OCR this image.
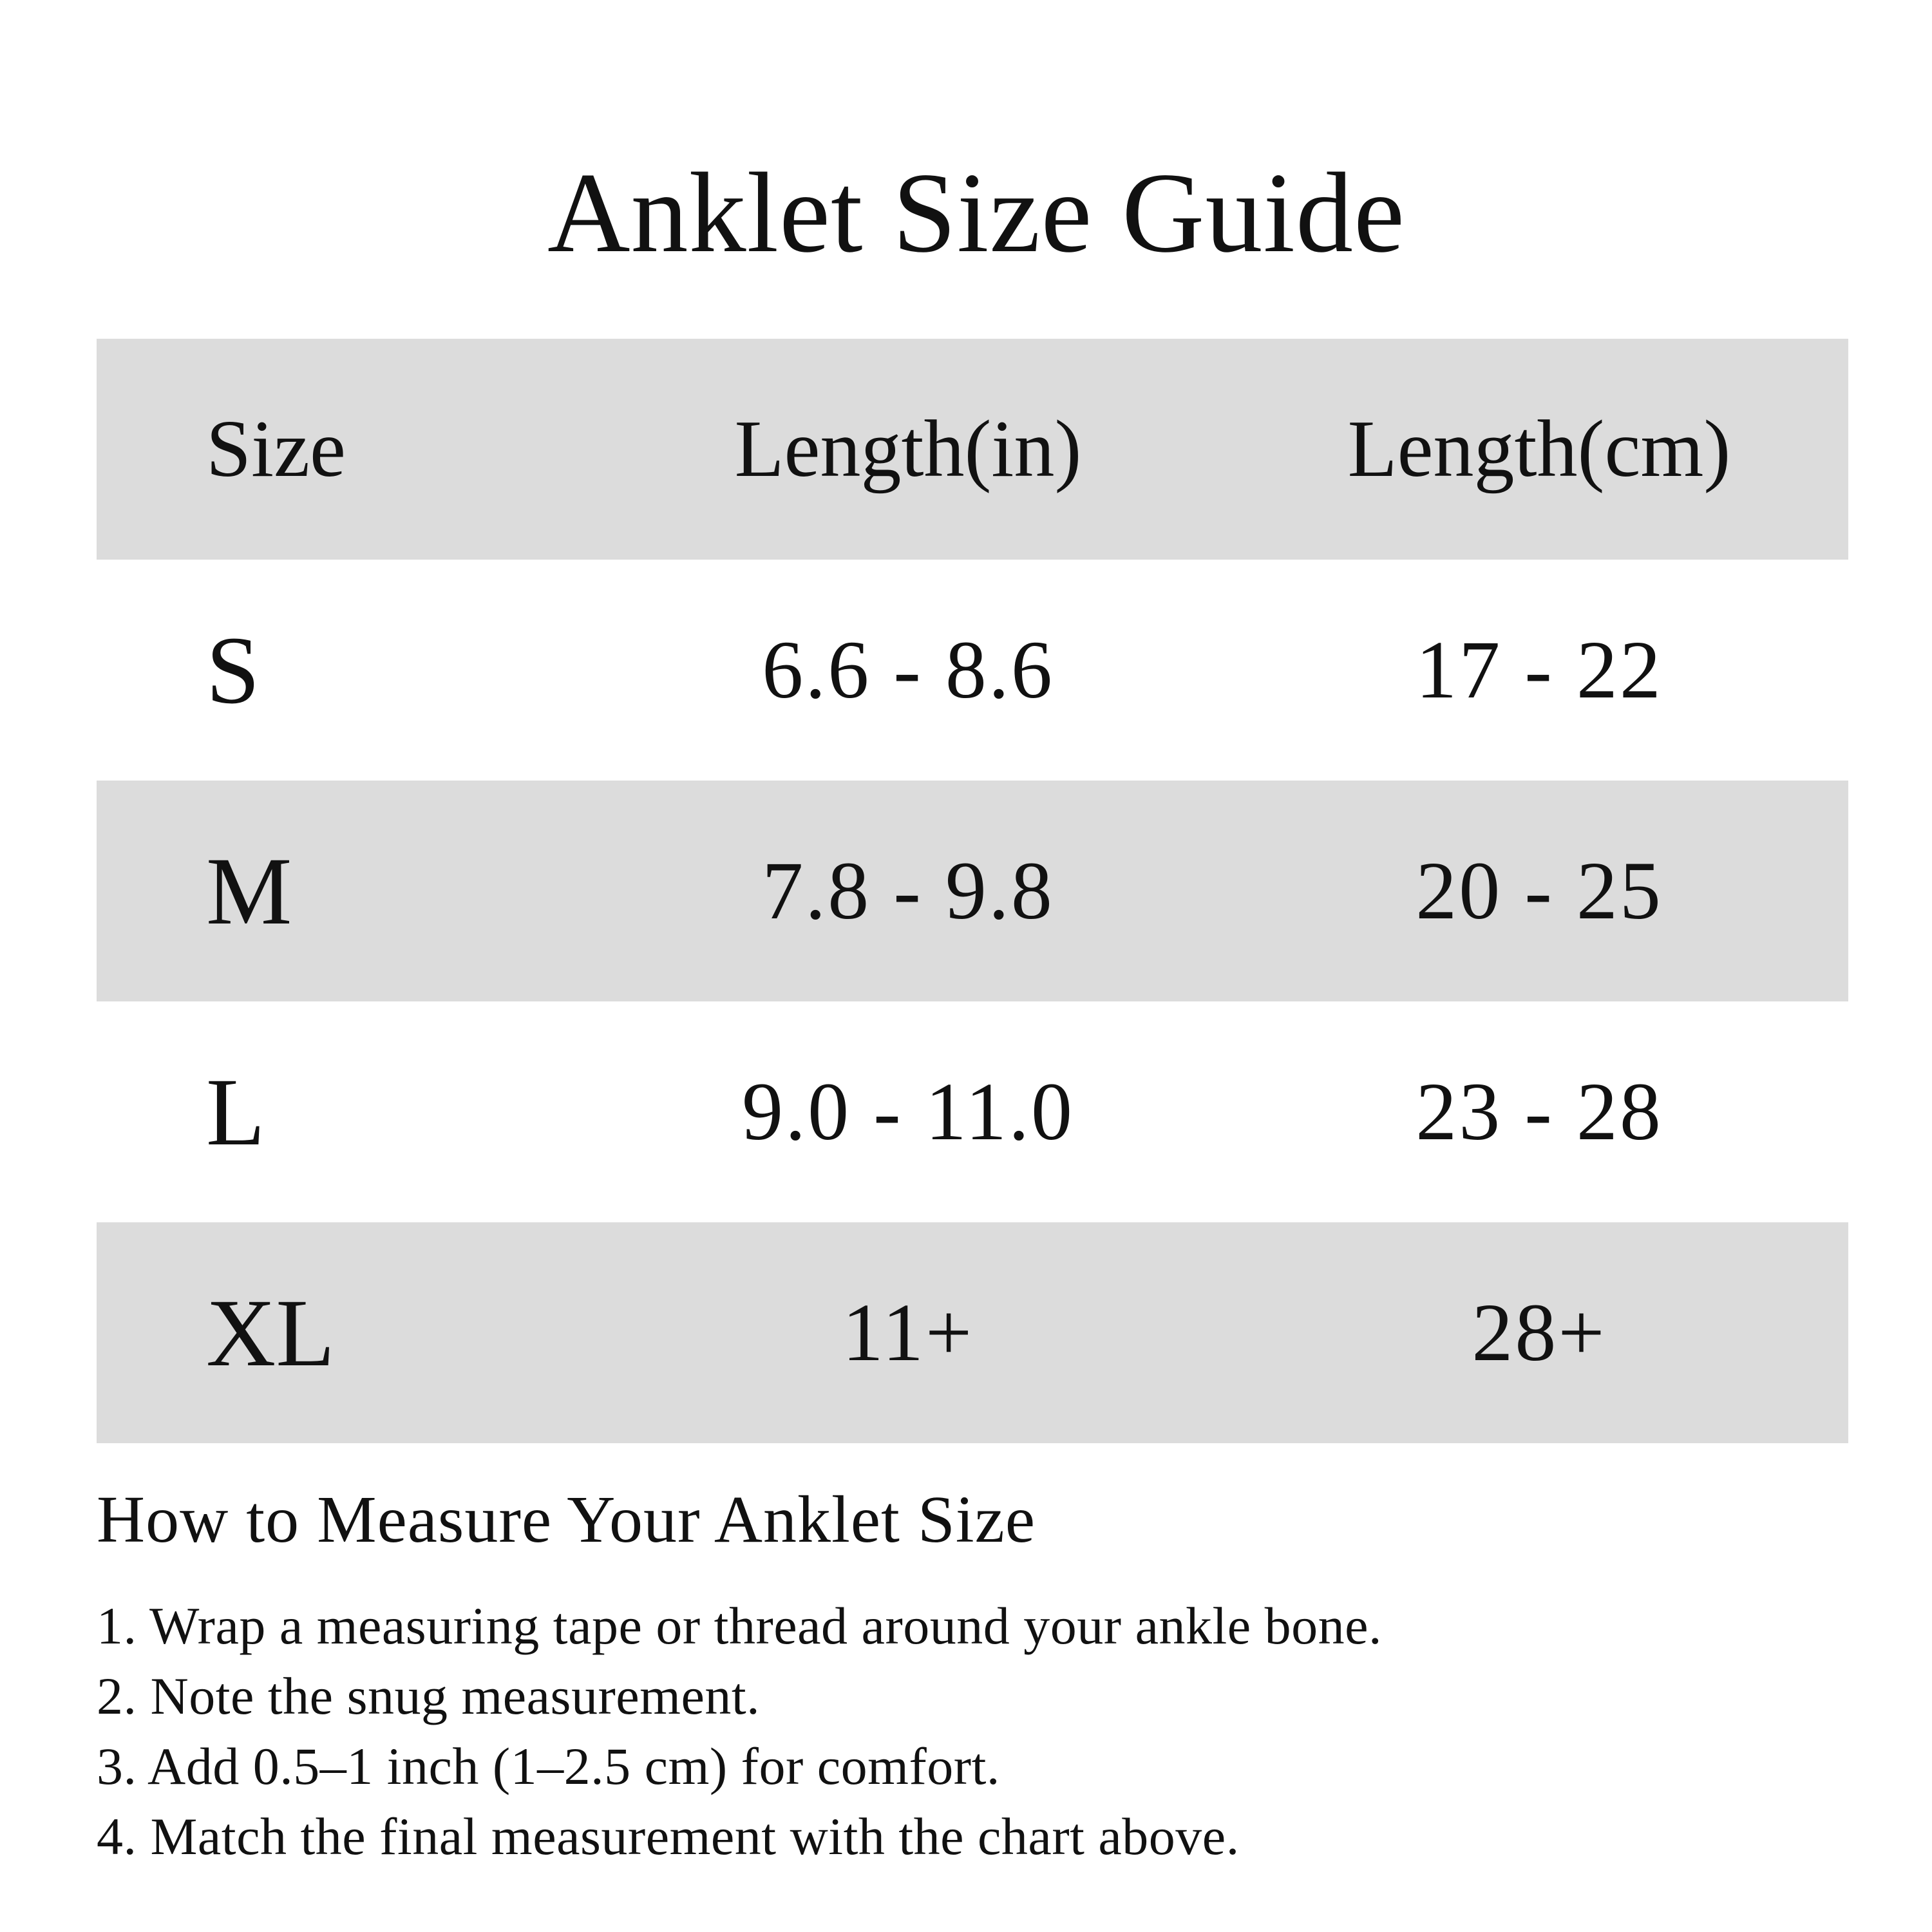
Anklet Size Guide
Size	Length(in)	Length(cm)
S	6.6 - 8.6	17 - 22
M	7.8 - 9.8	20 - 25
L	9.0 - 11.0	23 - 28
XL	11+	28+
How to Measure Your Anklet Size
1. Wrap a measuring tape or thread around your ankle bone.
2. Note the snug measurement.
3. Add 0.5–1 inch (1–2.5 cm) for comfort.
4. Match the final measurement with the chart above.
